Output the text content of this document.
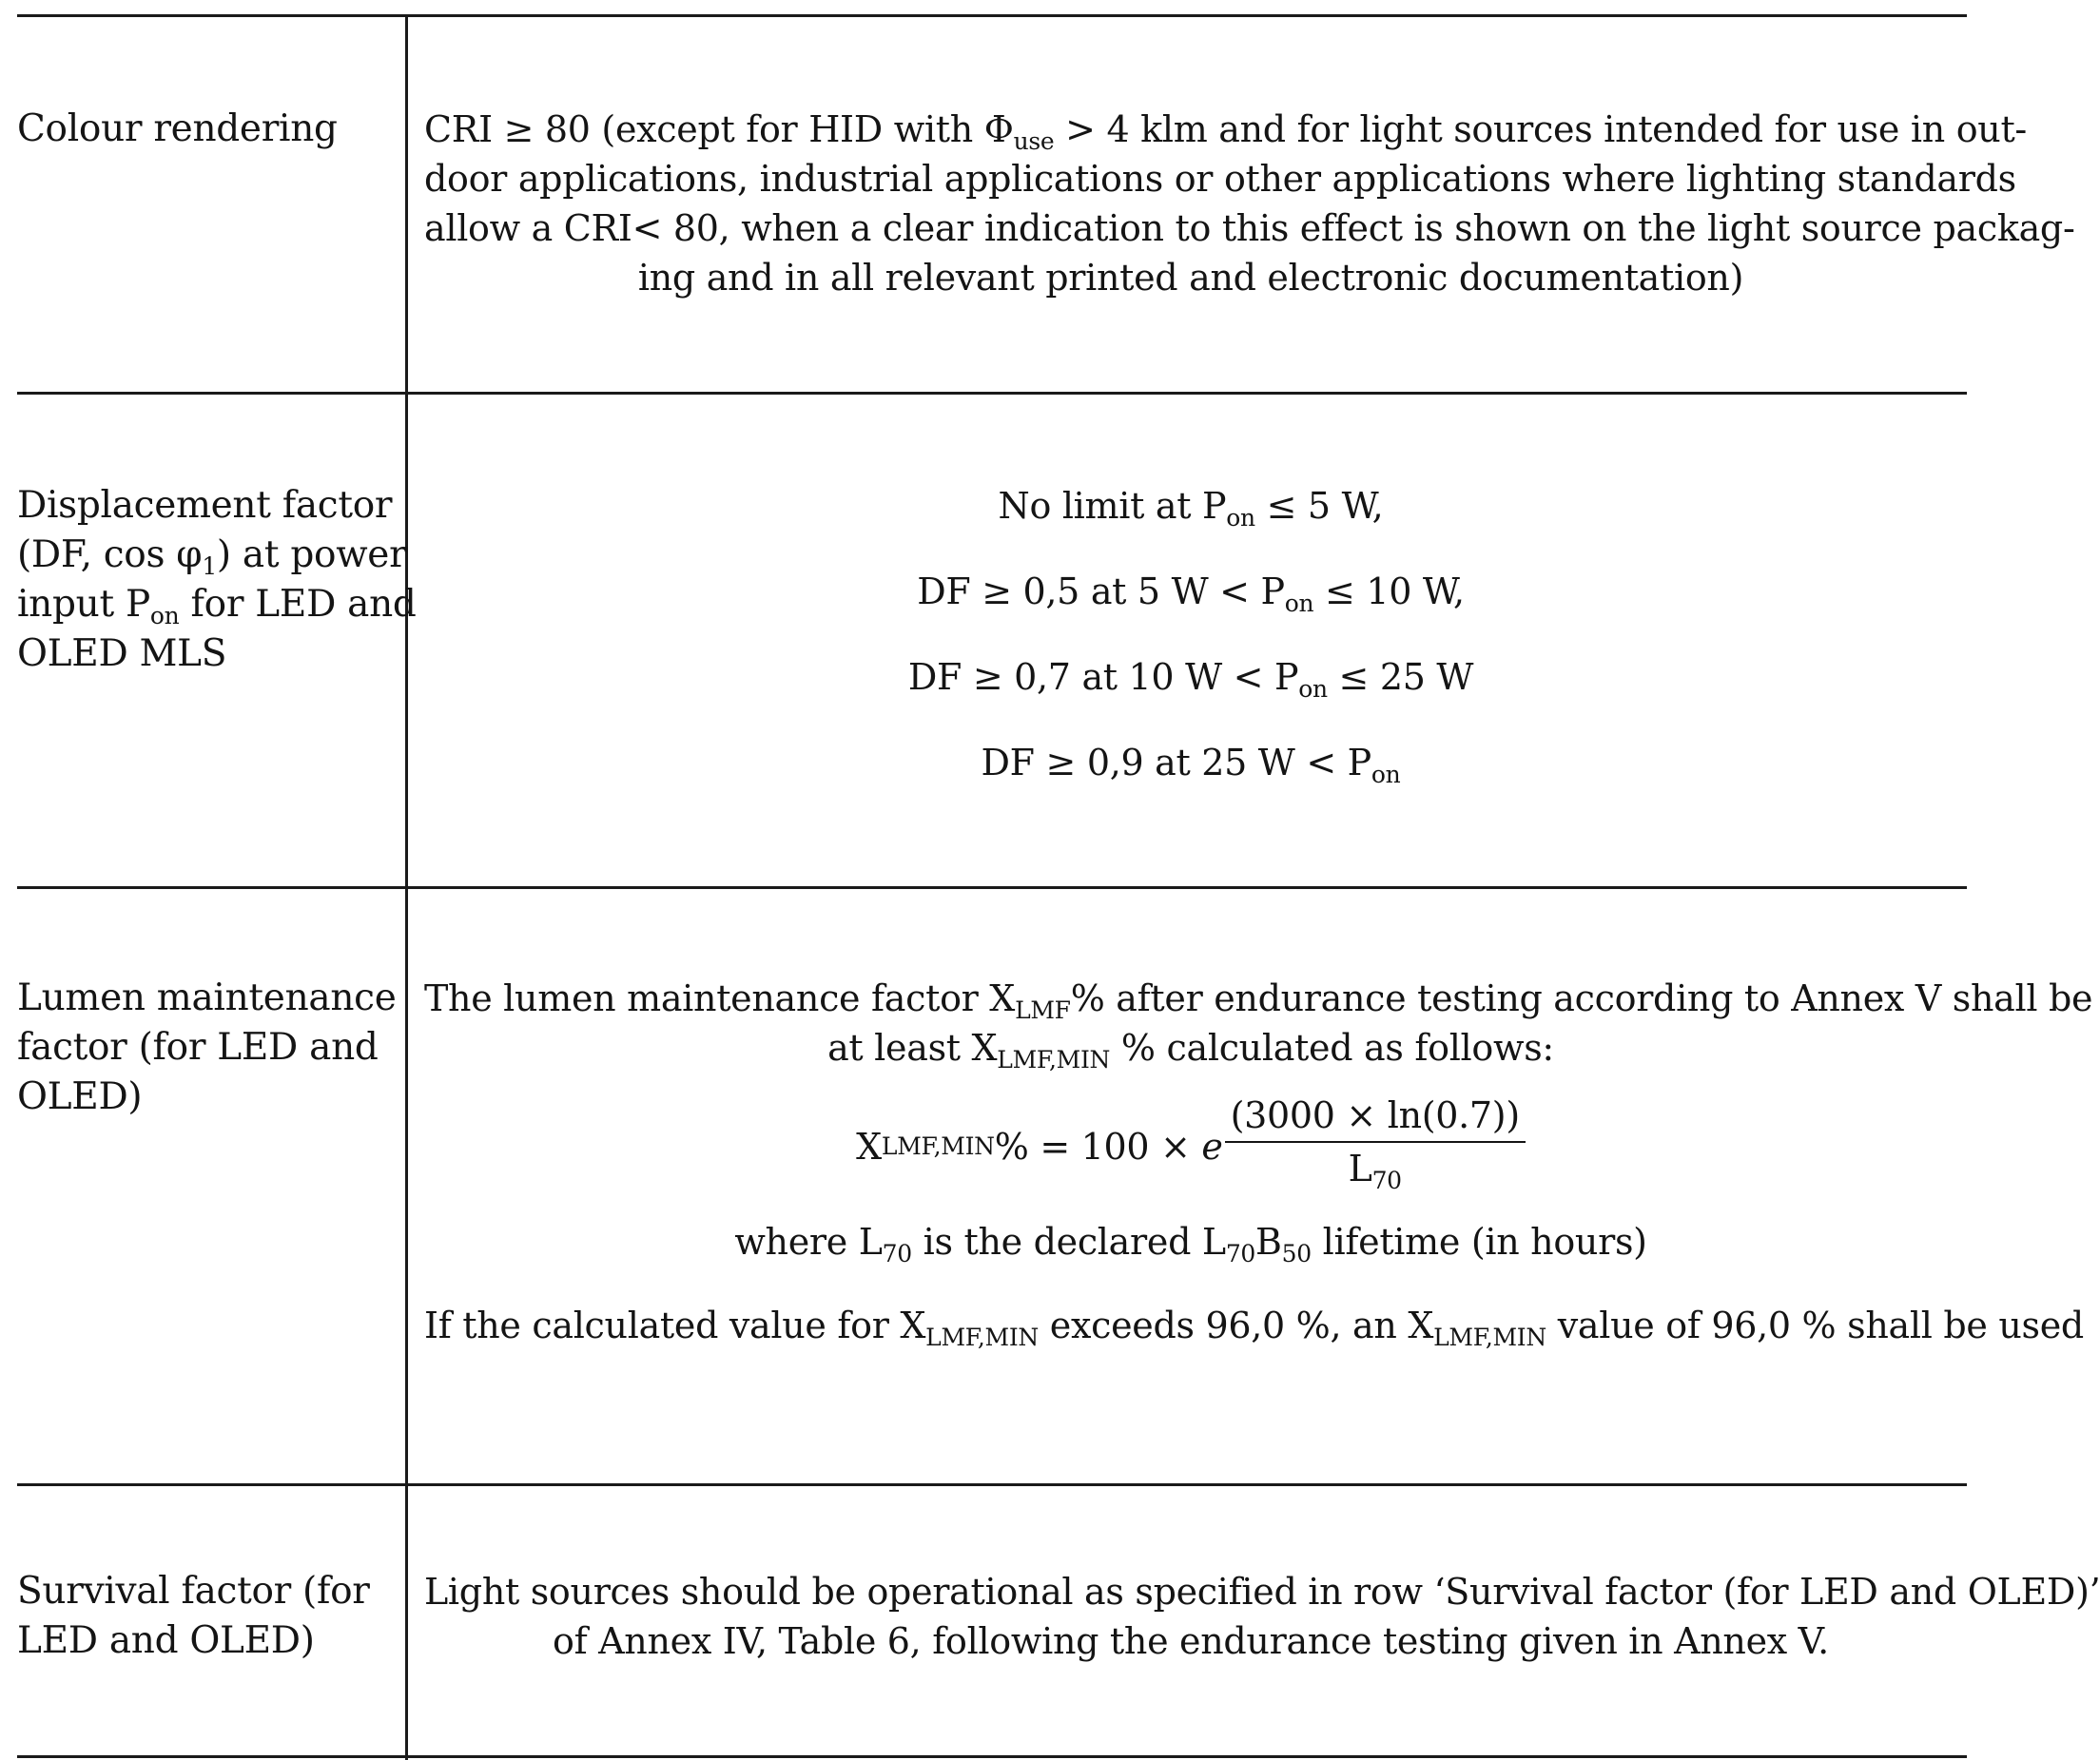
Colour rendering	CRI ≥ 80 (except for HID with $\Phi_{use} > 4$ klm and for light sources intended for use in out-
door applications, industrial applications or other applications where lighting standards
allow a CRI< 80, when a clear indication to this effect is shown on the light source packag-
ing and in all relevant printed and electronic documentation)
Displacement factor
(DF, $\cos \varphi_1$) at power
input $P_{on}$ for LED and
OLED MLS

No limit at $P_{on} \le 5$ W,

DF ≥ 0,5 at 5 $W < P_{on} \le 10$ W,

DF ≥ 0,7 at 10 $W < P_{on} \le 25$ W

DF ≥ 0,9 at 25 $W < P_{on}$

Lumen maintenance
factor (for LED and
OLED)

The lumen maintenance factor $X_{LMF}\%$ after endurance testing according to Annex V shall be

at least $X_{LMF,MIN}$ % calculated as follows:

X LMF,MIN % = 100 × e $\frac{(3000 \times \ln(0.7))}{L_{70}}$

where $L_{70}$ is the declared $L_{70}B_{50}$ lifetime (in hours)

If the calculated value for $X_{LMF,MIN}$ exceeds 96,0 %, an $X_{LMF,MIN}$ value of 96,0 % shall be used

Survival factor (for
LED and OLED)
Light sources should be operational as specified in row ‘Survival factor (for LED and OLED)’
of Annex IV, Table 6, following the endurance testing given in Annex V.
